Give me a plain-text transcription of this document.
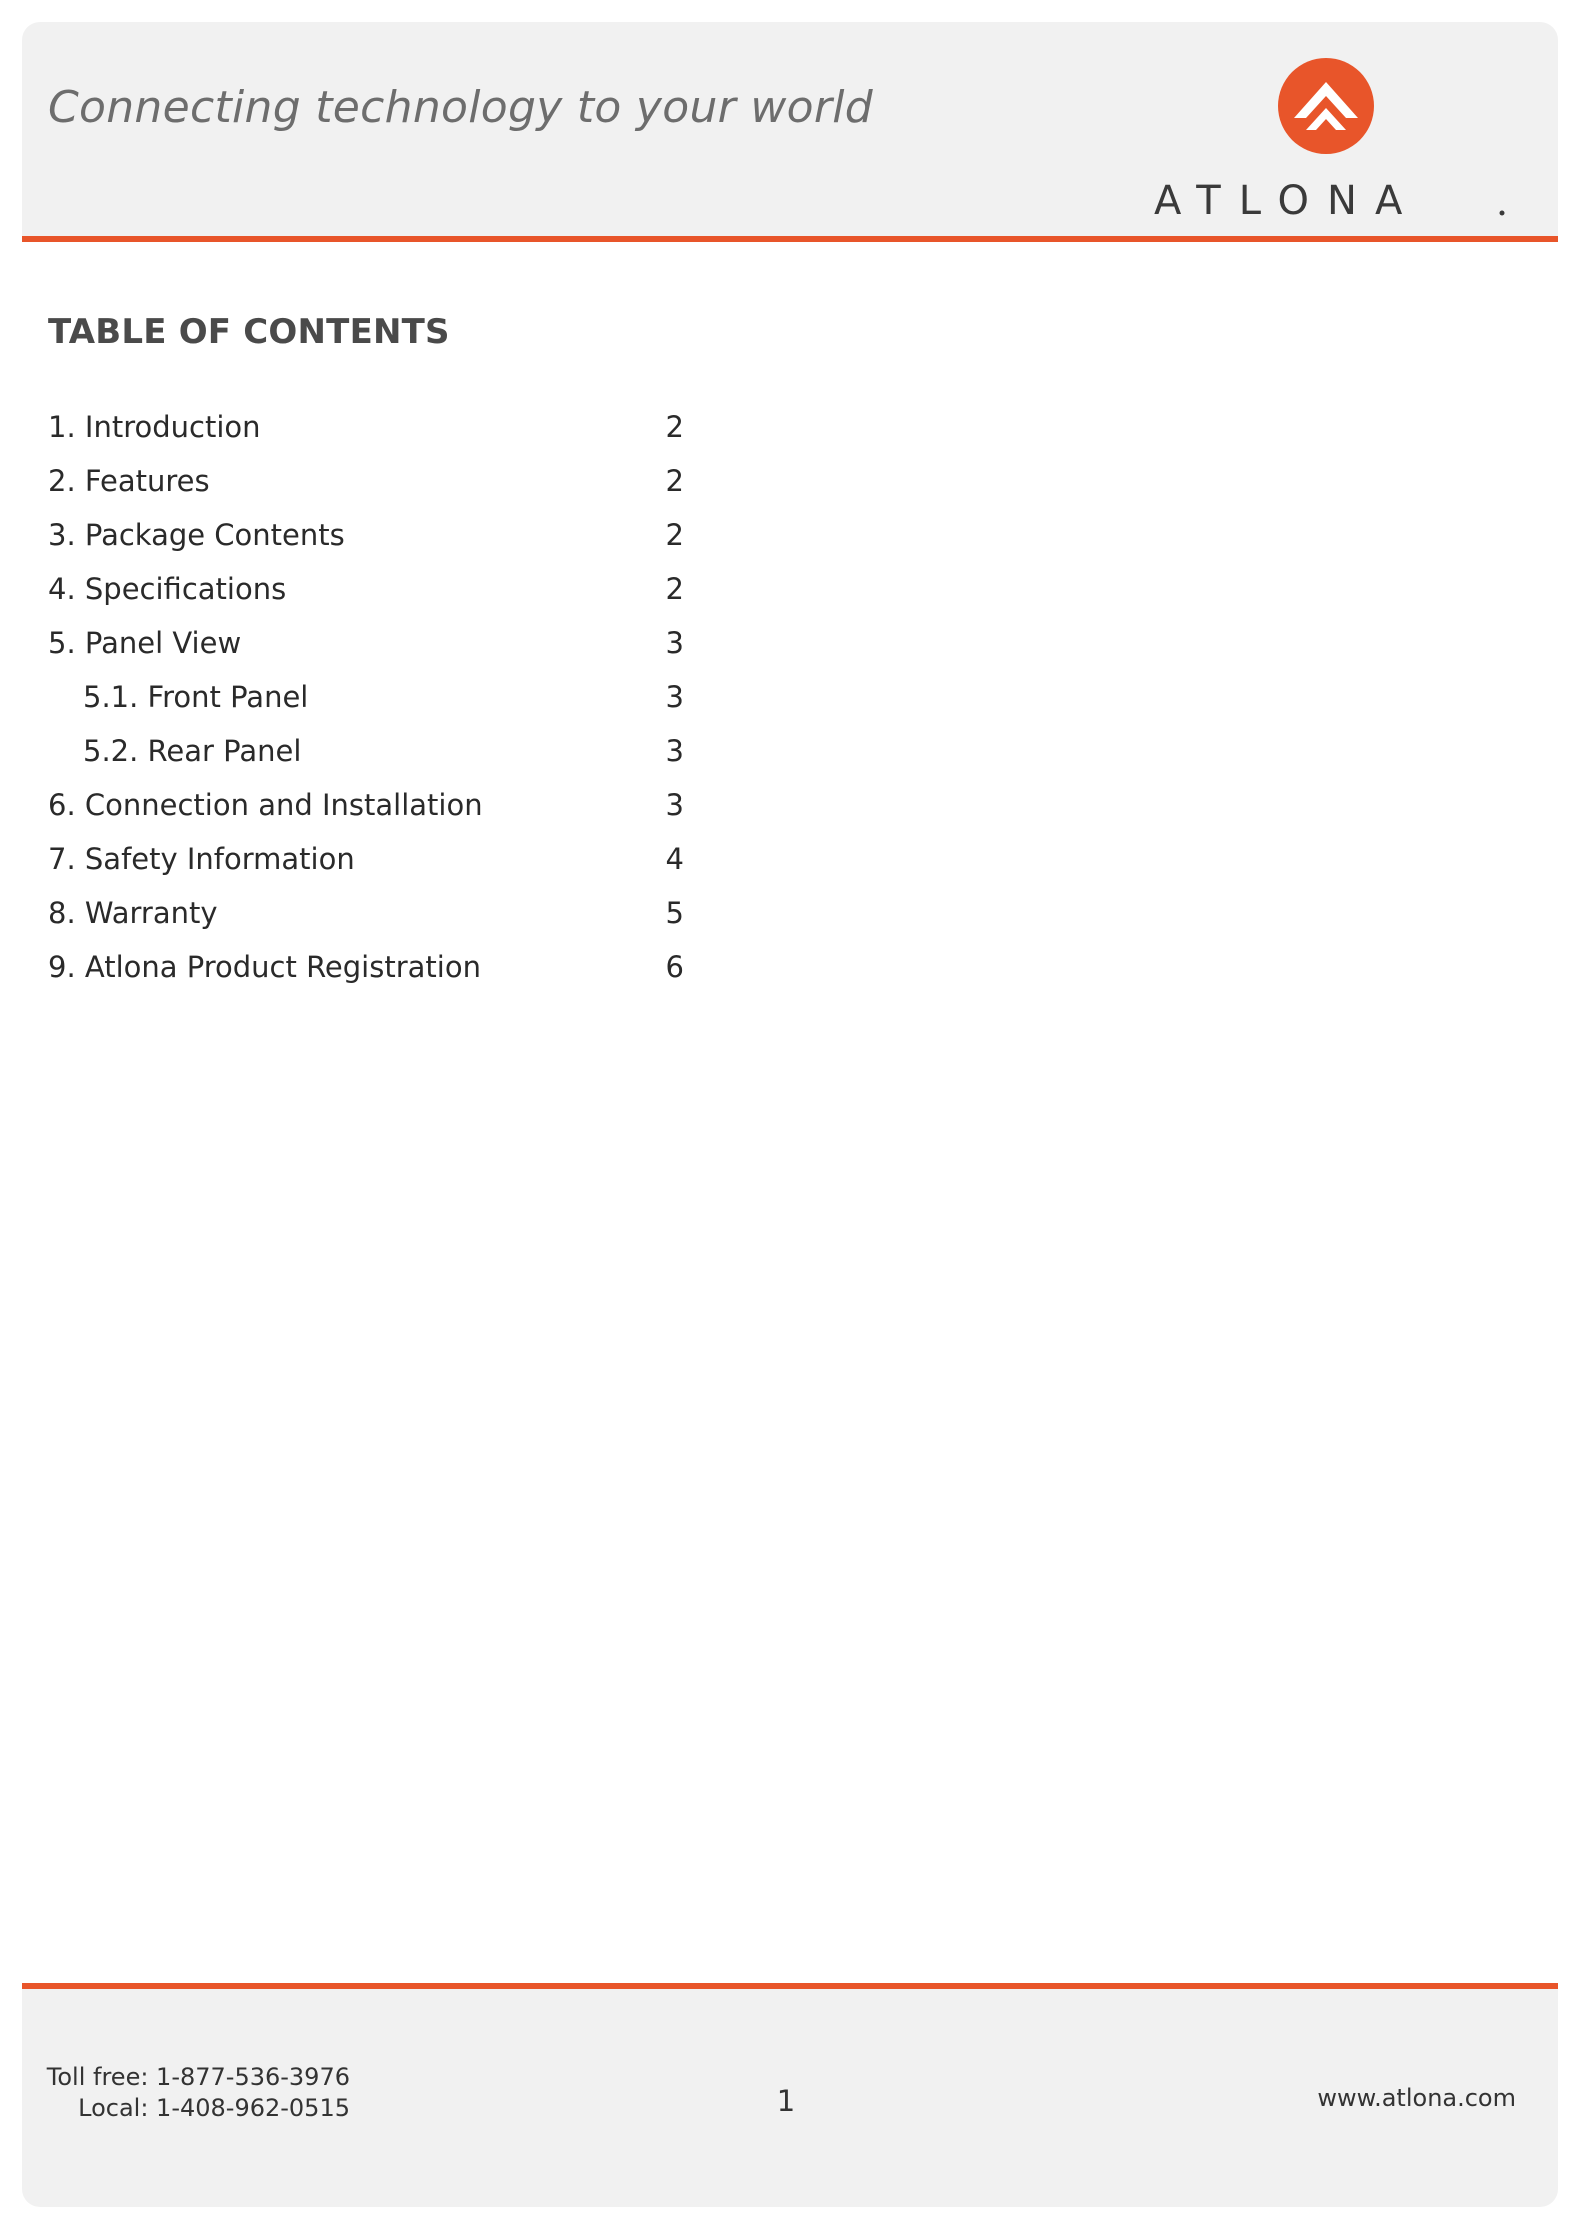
Connecting technology to your world
ATLONA
TABLE OF CONTENTS
1. Introduction	2
2. Features	2
3. Package Contents	2
4. Specifications	2
5. Panel View	3
5.1. Front Panel	3
5.2. Rear Panel	3
6. Connection and Installation	3
7. Safety Information	4
8. Warranty	5
9. Atlona Product Registration	6
Toll free: 1-877-536-3976
Local: 1-408-962-0515	1	www.atlona.com
